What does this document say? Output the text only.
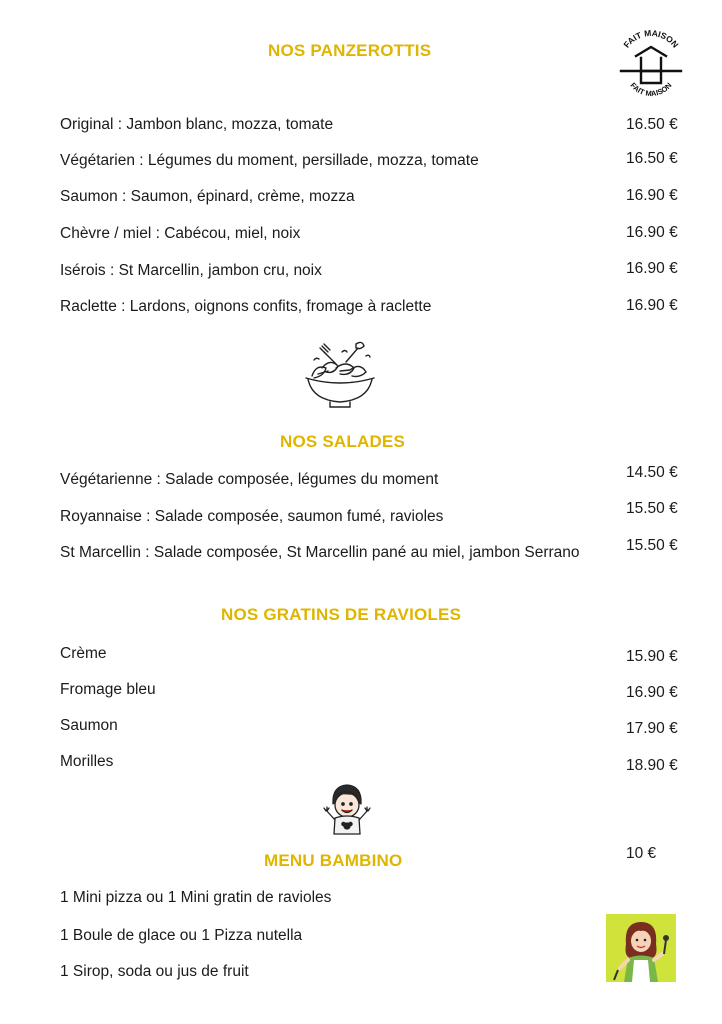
FAIT MAISON
FAIT MAISON
NOS PANZEROTTIS
Original : Jambon blanc, mozza, tomate	16.50 €
Végétarien : Légumes du moment, persillade, mozza, tomate	16.50 €
Saumon : Saumon, épinard, crème, mozza	16.90 €
Chèvre / miel : Cabécou, miel, noix	16.90 €
Isérois : St Marcellin, jambon cru, noix	16.90 €
Raclette : Lardons, oignons confits, fromage à raclette	16.90 €
NOS SALADES
Végétarienne : Salade composée, légumes du moment	14.50 €
Royannaise : Salade composée, saumon fumé, ravioles	15.50 €
St Marcellin : Salade composée, St Marcellin pané au miel, jambon Serrano	15.50 €
NOS GRATINS DE RAVIOLES
Crème	15.90 €
Fromage bleu	16.90 €
Saumon	17.90 €
Morilles	18.90 €
MENU BAMBINO	10 €
1 Mini pizza ou 1 Mini gratin de ravioles
1 Boule de glace ou 1 Pizza nutella
1 Sirop, soda ou jus de fruit
